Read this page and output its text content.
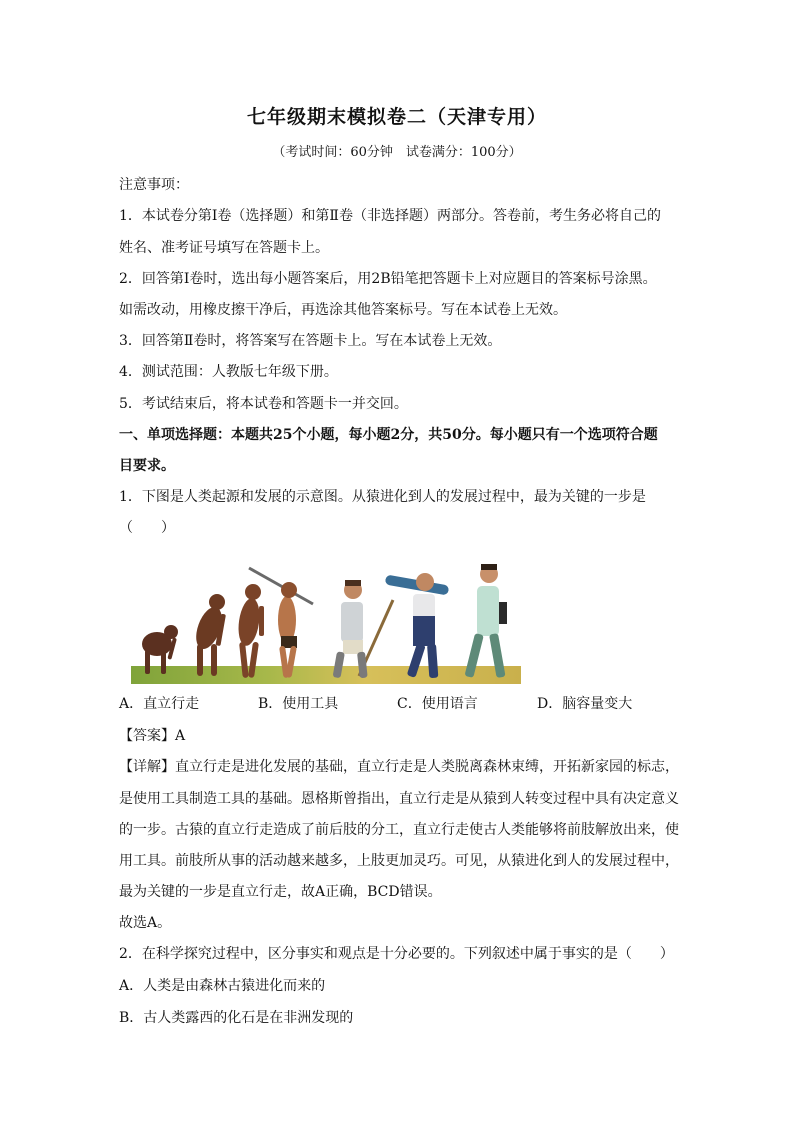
七年级期末模拟卷二（天津专用）
（考试时间：60分钟　试卷满分：100分）
注意事项：
1．本试卷分第Ⅰ卷（选择题）和第Ⅱ卷（非选择题）两部分。答卷前，考生务必将自己的
姓名、准考证号填写在答题卡上。
2．回答第Ⅰ卷时，选出每小题答案后，用2B铅笔把答题卡上对应题目的答案标号涂黑。
如需改动，用橡皮擦干净后，再选涂其他答案标号。写在本试卷上无效。
3．回答第Ⅱ卷时，将答案写在答题卡上。写在本试卷上无效。
4．测试范围：人教版七年级下册。
5．考试结束后，将本试卷和答题卡一并交回。
一、单项选择题：本题共25个小题，每小题2分，共50分。每小题只有一个选项符合题
目要求。
1．下图是人类起源和发展的示意图。从猿进化到人的发展过程中，最为关键的一步是
（　　）
A．直立行走	B．使用工具	C．使用语言	D．脑容量变大
【答案】A
【详解】直立行走是进化发展的基础，直立行走是人类脱离森林束缚，开拓新家园的标志，
是使用工具制造工具的基础。恩格斯曾指出，直立行走是从猿到人转变过程中具有决定意义
的一步。古猿的直立行走造成了前后肢的分工，直立行走使古人类能够将前肢解放出来，使
用工具。前肢所从事的活动越来越多，上肢更加灵巧。可见，从猿进化到人的发展过程中，
最为关键的一步是直立行走，故A正确，BCD错误。
故选A。
2．在科学探究过程中，区分事实和观点是十分必要的。下列叙述中属于事实的是（　　）
A．人类是由森林古猿进化而来的
B．古人类露西的化石是在非洲发现的
